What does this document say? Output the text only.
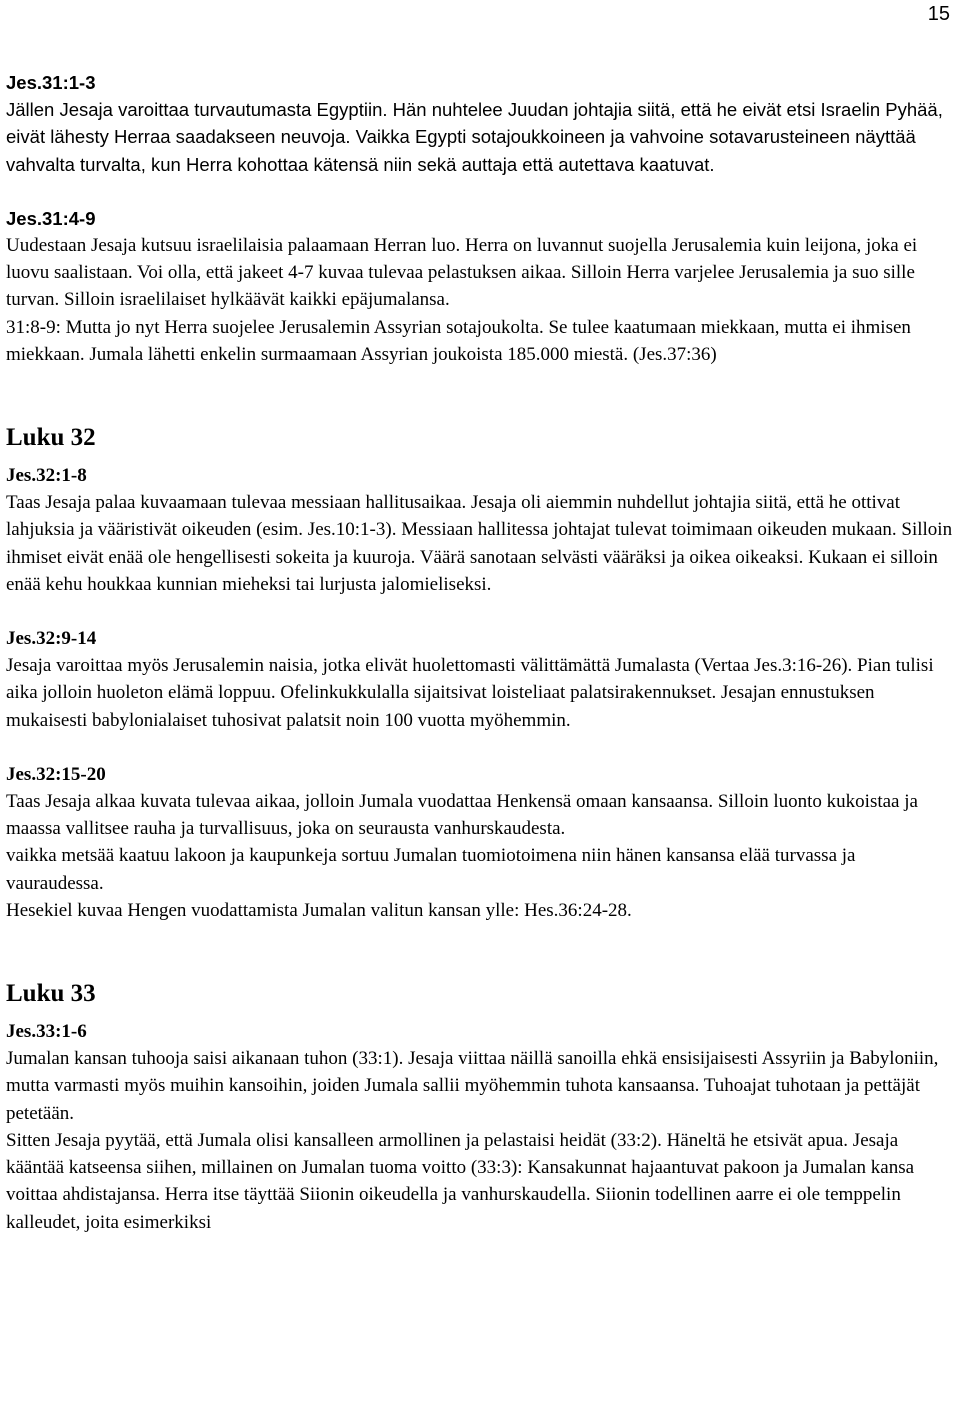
15
Jes.31:1-3
Jällen Jesaja varoittaa turvautumasta Egyptiin. Hän nuhtelee Juudan johtajia siitä, että he eivät etsi Israelin Pyhää, eivät lähesty Herraa saadakseen neuvoja. Vaikka Egypti sotajoukkoineen ja vahvoine sotavarusteineen näyttää vahvalta turvalta, kun Herra kohottaa kätensä niin sekä auttaja että autettava kaatuvat.
Jes.31:4-9
Uudestaan Jesaja kutsuu israelilaisia palaamaan Herran luo. Herra on luvannut suojella Jerusalemia kuin leijona, joka ei luovu saalistaan. Voi olla, että jakeet 4-7 kuvaa tulevaa pelastuksen aikaa. Silloin Herra varjelee Jerusalemia ja suo sille turvan. Silloin israelilaiset hylkäävät kaikki epäjumalansa.
31:8-9: Mutta jo nyt Herra suojelee Jerusalemin Assyrian sotajoukolta. Se tulee kaatumaan miekkaan, mutta ei ihmisen miekkaan. Jumala lähetti enkelin surmaamaan Assyrian joukoista 185.000 miestä. (Jes.37:36)
Luku 32
Jes.32:1-8
Taas Jesaja palaa kuvaamaan tulevaa messiaan hallitusaikaa. Jesaja oli aiemmin nuhdellut johtajia siitä, että he ottivat lahjuksia ja vääristivät oikeuden (esim. Jes.10:1-3). Messiaan hallitessa johtajat tulevat toimimaan oikeuden mukaan. Silloin ihmiset eivät enää ole hengellisesti sokeita ja kuuroja. Väärä sanotaan selvästi vääräksi ja oikea oikeaksi. Kukaan ei silloin enää kehu houkkaa kunnian mieheksi tai lurjusta jalomieliseksi.
Jes.32:9-14
Jesaja varoittaa myös Jerusalemin naisia, jotka elivät huolettomasti välittämättä Jumalasta (Vertaa Jes.3:16-26). Pian tulisi aika jolloin huoleton elämä loppuu. Ofelinkukkulalla sijaitsivat loisteliaat palatsirakennukset. Jesajan ennustuksen mukaisesti babylonialaiset tuhosivat palatsit noin 100 vuotta myöhemmin.
Jes.32:15-20
Taas Jesaja alkaa kuvata tulevaa aikaa, jolloin Jumala vuodattaa Henkensä omaan kansaansa. Silloin luonto kukoistaa ja maassa vallitsee rauha ja turvallisuus, joka on seurausta vanhurskaudesta.
vaikka metsää kaatuu lakoon ja kaupunkeja sortuu Jumalan tuomiotoimena niin hänen kansansa elää turvassa ja vauraudessa.
Hesekiel kuvaa Hengen vuodattamista Jumalan valitun kansan ylle: Hes.36:24-28.
Luku 33
Jes.33:1-6
Jumalan kansan tuhooja saisi aikanaan tuhon (33:1). Jesaja viittaa näillä sanoilla ehkä ensisijaisesti Assyriin ja Babyloniin, mutta varmasti myös muihin kansoihin, joiden Jumala sallii myöhemmin tuhota kansaansa. Tuhoajat tuhotaan ja pettäjät petetään.
Sitten Jesaja pyytää, että Jumala olisi kansalleen armollinen ja pelastaisi heidät (33:2). Häneltä he etsivät apua. Jesaja kääntää katseensa siihen, millainen on Jumalan tuoma voitto (33:3): Kansakunnat hajaantuvat pakoon ja Jumalan kansa voittaa ahdistajansa. Herra itse täyttää Siionin oikeudella ja vanhurskaudella. Siionin todellinen aarre ei ole temppelin kalleudet, joita esimerkiksi
